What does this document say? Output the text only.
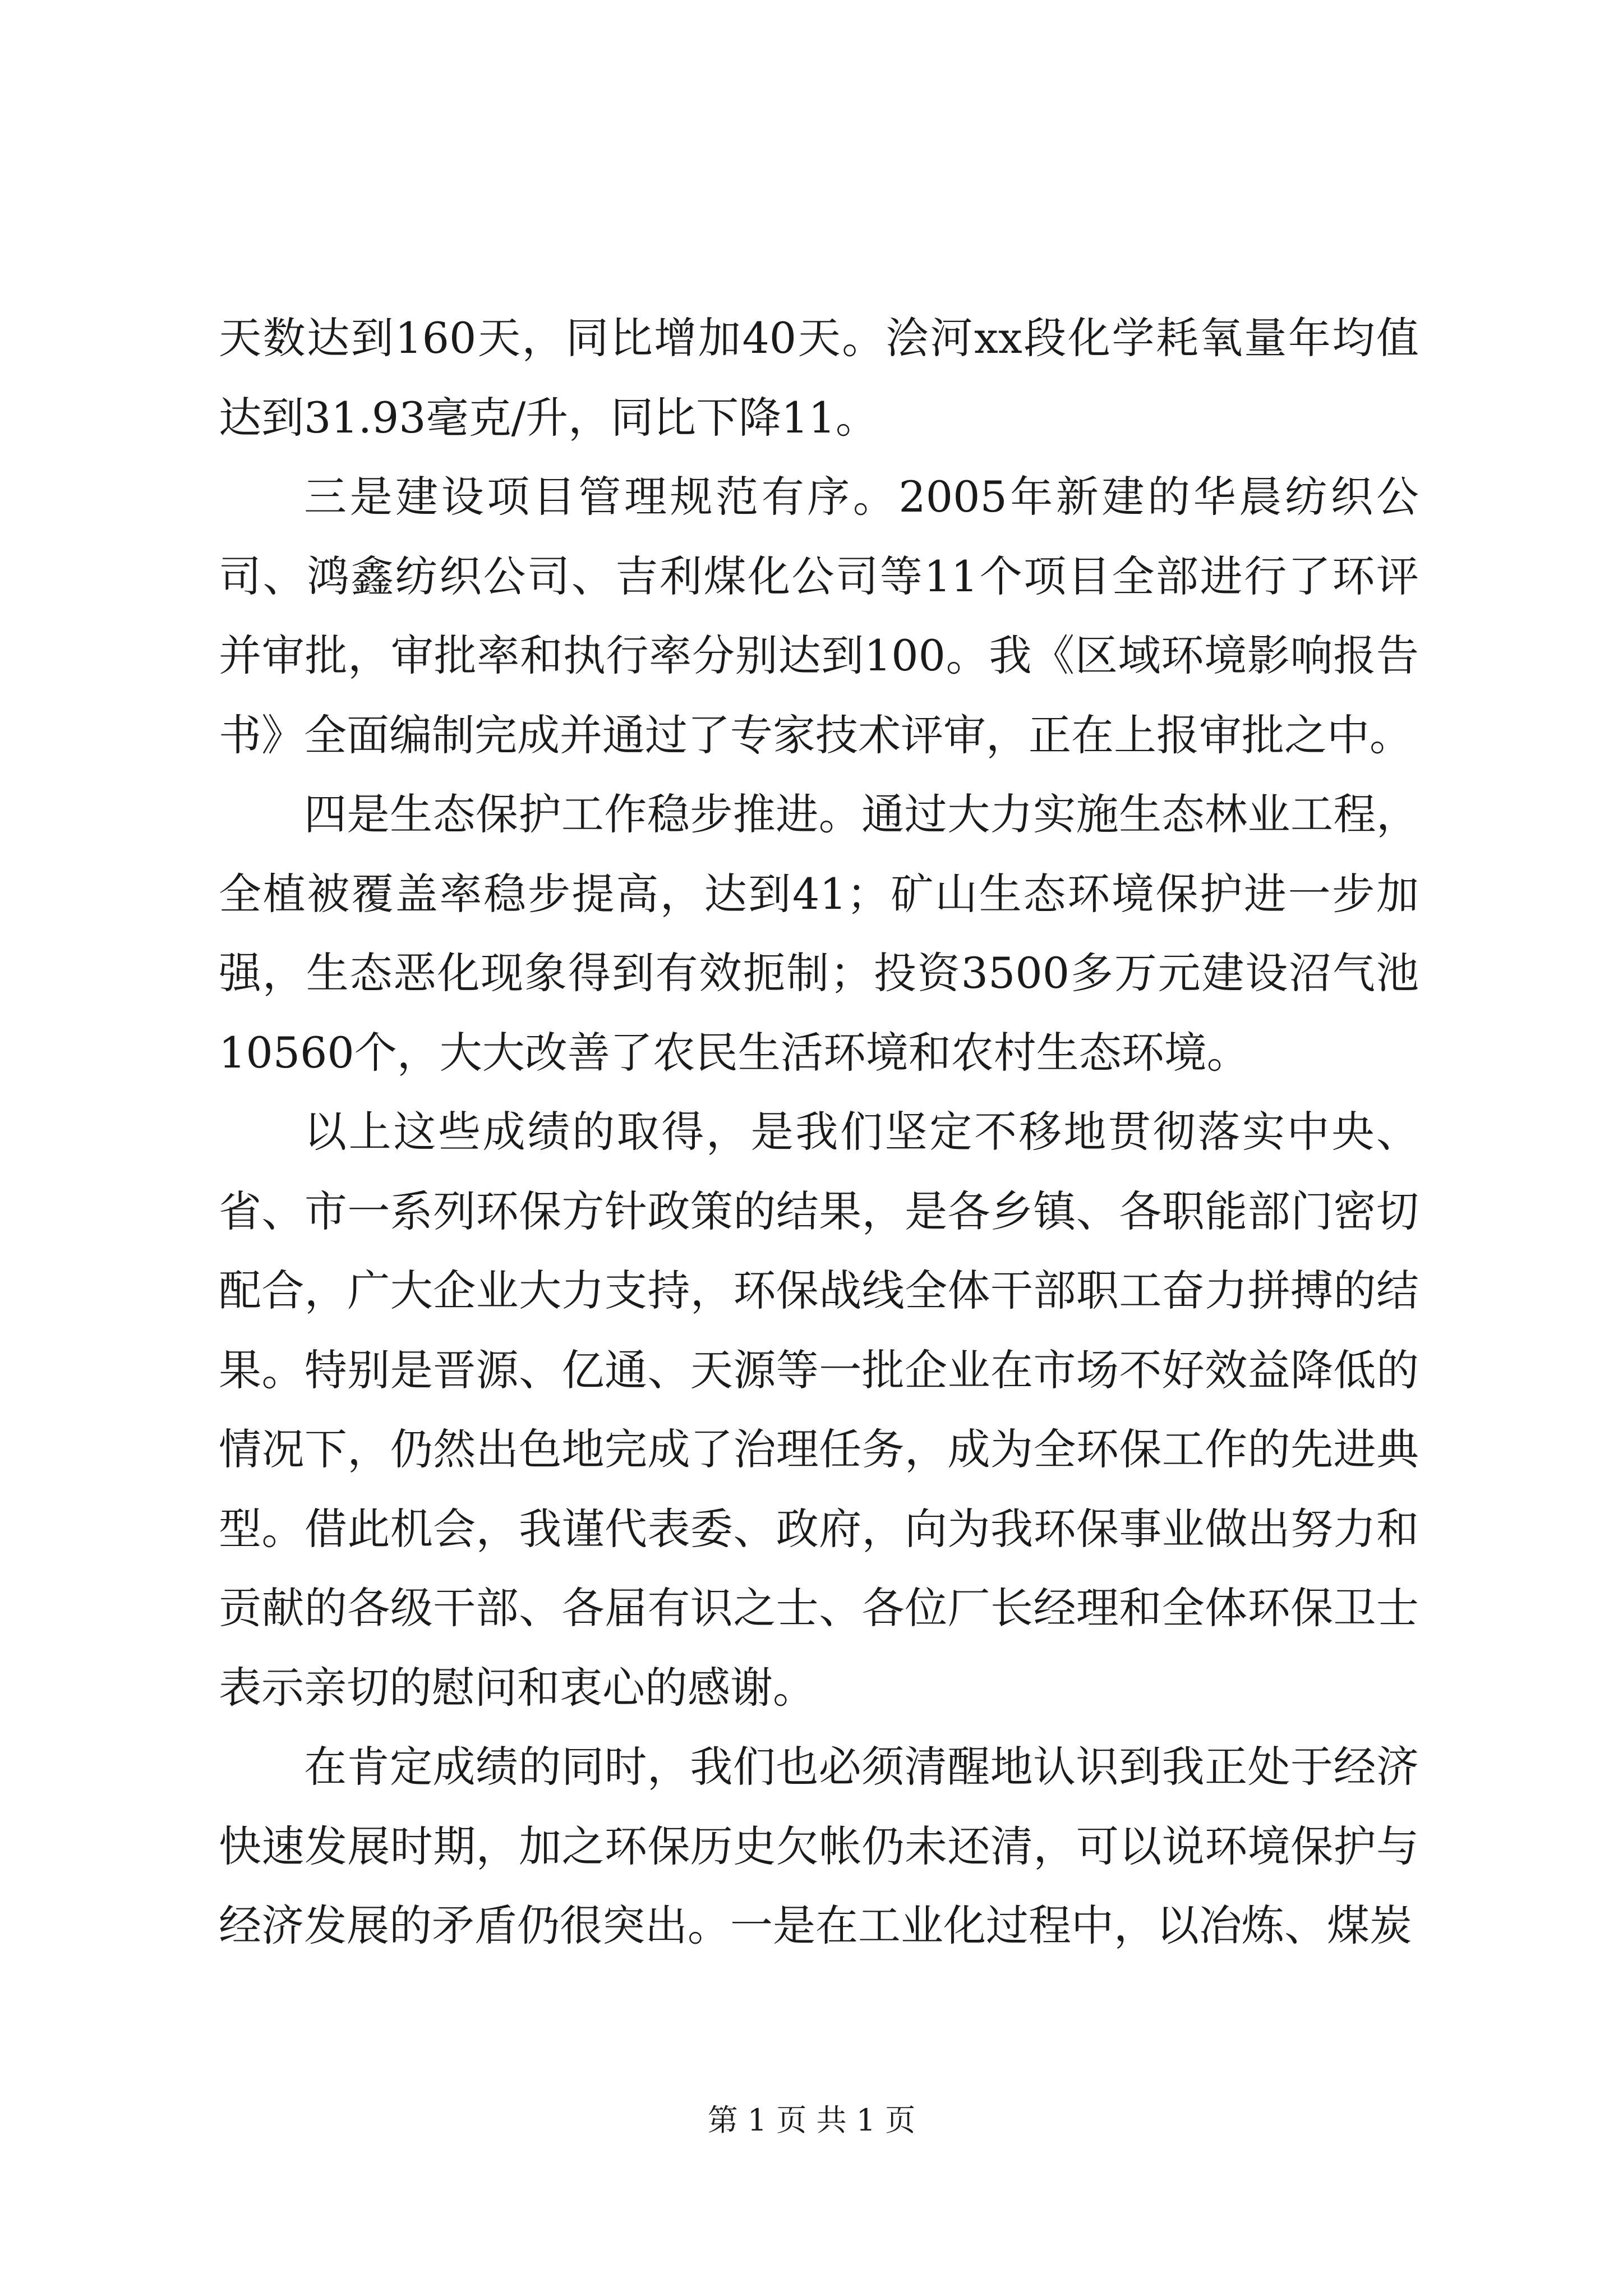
天数达到160天，同比增加40天。浍河xx段化学耗氧量年均值达到31.93毫克/升，同比下降11。

三是建设项目管理规范有序。2005年新建的华晨纺织公司、鸿鑫纺织公司、吉利煤化公司等11个项目全部进行了环评并审批，审批率和执行率分别达到100。我《区域环境影响报告书》全面编制完成并通过了专家技术评审，正在上报审批之中。

四是生态保护工作稳步推进。通过大力实施生态林业工程，全植被覆盖率稳步提高，达到41；矿山生态环境保护进一步加强，生态恶化现象得到有效扼制；投资3500多万元建设沼气池10560个，大大改善了农民生活环境和农村生态环境。

以上这些成绩的取得，是我们坚定不移地贯彻落实中央、省、市一系列环保方针政策的结果，是各乡镇、各职能部门密切配合，广大企业大力支持，环保战线全体干部职工奋力拼搏的结果。特别是晋源、亿通、天源等一批企业在市场不好效益降低的情况下，仍然出色地完成了治理任务，成为全环保工作的先进典型。借此机会，我谨代表委、政府，向为我环保事业做出努力和贡献的各级干部、各届有识之士、各位厂长经理和全体环保卫士表示亲切的慰问和衷心的感谢。

在肯定成绩的同时，我们也必须清醒地认识到我正处于经济快速发展时期，加之环保历史欠帐仍未还清，可以说环境保护与经济发展的矛盾仍很突出。一是在工业化过程中，以冶炼、煤炭

第 1 页 共 1 页
